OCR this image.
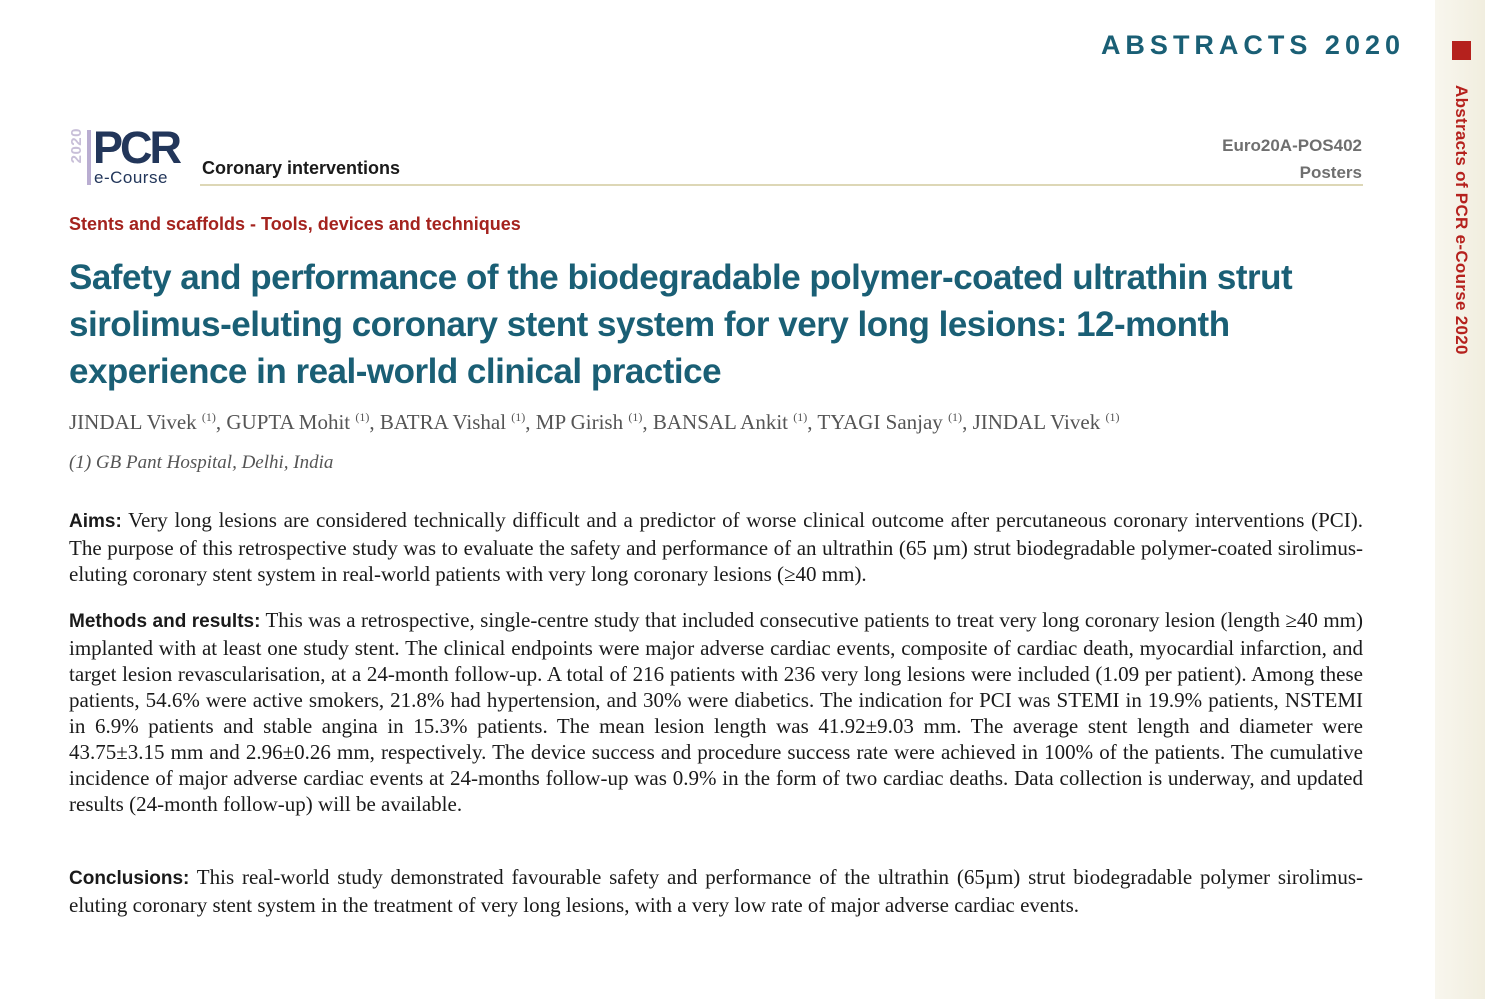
ABSTRACTS 2020
Abstracts of PCR e-Course 2020
2020 PCR
e-Course Coronary interventions
Euro20A-POS402
Posters
Stents and scaffolds - Tools, devices and techniques
Safety and performance of the biodegradable polymer-coated ultrathin strut sirolimus-eluting coronary stent system for very long lesions: 12-month experience in real-world clinical practice
JINDAL Vivek $^{(1)}$, GUPTA Mohit $^{(1)}$, BATRA Vishal $^{(1)}$, MP Girish $^{(1)}$, BANSAL Ankit $^{(1)}$, TYAGI Sanjay $^{(1)}$, JINDAL Vivek $^{(1)}$
(1) GB Pant Hospital, Delhi, India
Aims: Very long lesions are considered technically difficult and a predictor of worse clinical outcome after percutaneous coronary interventions (PCI). The purpose of this retrospective study was to evaluate the safety and performance of an ultrathin (65 µm) strut biodegradable polymer-coated sirolimus-eluting coronary stent system in real-world patients with very long coronary lesions (≥40 mm).
Methods and results: This was a retrospective, single-centre study that included consecutive patients to treat very long coronary lesion (length ≥40 mm) implanted with at least one study stent. The clinical endpoints were major adverse cardiac events, composite of cardiac death, myocardial infarction, and target lesion revascularisation, at a 24-month follow-up. A total of 216 patients with 236 very long lesions were included (1.09 per patient). Among these patients, 54.6% were active smokers, 21.8% had hypertension, and 30% were diabetics. The indication for PCI was STEMI in 19.9% patients, NSTEMI in 6.9% patients and stable angina in 15.3% patients. The mean lesion length was 41.92±9.03 mm. The average stent length and diameter were 43.75±3.15 mm and 2.96±0.26 mm, respectively. The device success and procedure success rate were achieved in 100% of the patients. The cumulative incidence of major adverse cardiac events at 24-months follow-up was 0.9% in the form of two cardiac deaths. Data collection is underway, and updated results (24-month follow-up) will be available.
Conclusions: This real-world study demonstrated favourable safety and performance of the ultrathin (65µm) strut biodegradable polymer sirolimus-eluting coronary stent system in the treatment of very long lesions, with a very low rate of major adverse cardiac events.
